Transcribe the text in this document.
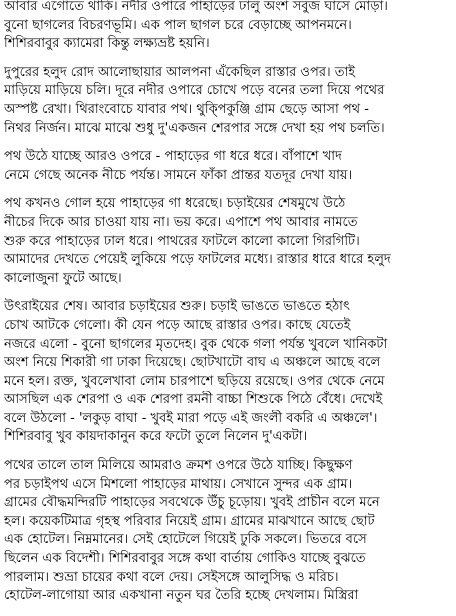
আবার এগোতে থাকি। নদীর ওপারে পাহাড়ের ঢালু অংশ সবুজ ঘাসে মোড়া।
বুনো ছাগলের বিচরণভূমি। এক পাল ছাগল চরে বেড়াচ্ছে আপনমনে।
শিশিরবাবুর ক্যামেরা কিন্তু লক্ষ্যভ্রষ্ট হয়নি।
দুপুরের হলুদ রোদ আলোছায়ার আলপনা এঁকেছিল রাস্তার ওপর। তাই
মাড়িয়ে মাড়িয়ে চলি। দূরে নদীর ওপারে চোখে পড়ে বনের তলা দিয়ে পথের
অস্পষ্ট রেখা। থিরাংবোচে যাবার পথ। থুক্পিকুঞ্জি গ্রাম ছেড়ে আসা পথ -
নিথর নির্জন। মাঝে মাঝে শুধু দু'একজন শেরপার সঙ্গে দেখা হয় পথ চলতি।
পথ উঠে যাচ্ছে আরও ওপরে - পাহাড়ের গা ধরে ধরে। বাঁপাশে খাদ
নেমে গেছে অনেক নীচে পর্যন্ত। সামনে ফাঁকা প্রান্তর যতদূর দেখা যায়।
পথ কখনও গোল হয়ে পাহাড়ের গা ধরেছে। চড়াইয়ের শেষমুখে উঠে
নীচের দিকে আর চাওয়া যায় না। ভয় করে। এপাশে পথ আবার নামতে
শুরু করে পাহাড়ের ঢাল ধরে। পাথরের ফাটলে কালো কালো গিরগিটি।
আমাদের দেখতে পেয়েই লুকিয়ে পড়ে ফাটলের মধ্যে। রাস্তার ধারে ধারে হলুদ
কালোজুনা ফুটে আছে।
উৎরাইয়ের শেষ। আবার চড়াইয়ের শুরু। চড়াই ভাঙতে ভাঙতে হঠাৎ
চোখ আটকে গেলো। কী যেন পড়ে আছে রাস্তার ওপর। কাছে যেতেই
নজরে এলো - বুনো ছাগলের মৃতদেহ। বুক থেকে গলা পর্যন্ত খুবলে খানিকটা
অংশ নিয়ে শিকারী গা ঢাকা দিয়েছে। ছোটখাটো বাঘ এ অঞ্চলে আছে বলে
মনে হল। রক্ত, খুবলেখাবা লোম চারপাশে ছড়িয়ে রয়েছে। ওপর থেকে নেমে
আসছিল এক শেরপা ও এক শেরপা রমনী বাচ্চা শিশুকে পিঠে বেঁধে। দেখেই
বলে উঠলো - 'লকুড় বাঘা - খুবই মারা পড়ে এই জংলী বকরি এ অঞ্চলে'।
শিশিরবাবু খুব কায়দাকানুন করে ফটো তুলে নিলেন দু'একটা।
পথের তালে তাল মিলিয়ে আমরাও ক্রমশ ওপরে উঠে যাচ্ছি। কিছুক্ষণ
পর চড়াইপথ এসে মিশলো পাহাড়ের মাথায়। সেখানে সুন্দর এক গ্রাম।
গ্রামের বৌদ্ধমন্দিরটি পাহাড়ের সবথেকে উঁচু চূড়োয়। খুবই প্রাচীন বলে মনে
হল। কয়েকটিমাত্র গৃহস্থ পরিবার নিয়েই গ্রাম। গ্রামের মাঝখানে আছে ছোট
এক হোটেল। নিম্নমানের। সেই হোটেলে গিয়েই ঢুকি সকলে। ভিতরে বসে
ছিলেন এক বিদেশী। শিশিরবাবুর সঙ্গে কথা বার্তায় গোকিও যাচ্ছে বুঝতে
পারলাম। শুভ্রা চায়ের কথা বলে দেয়। সেইসঙ্গে আলুসিদ্ধ ও মরিচ।
হোটেল-লাগোয়া আর একখানা নতুন ঘর তৈরি হচ্ছে দেখলাম। মিস্ত্রিরা
